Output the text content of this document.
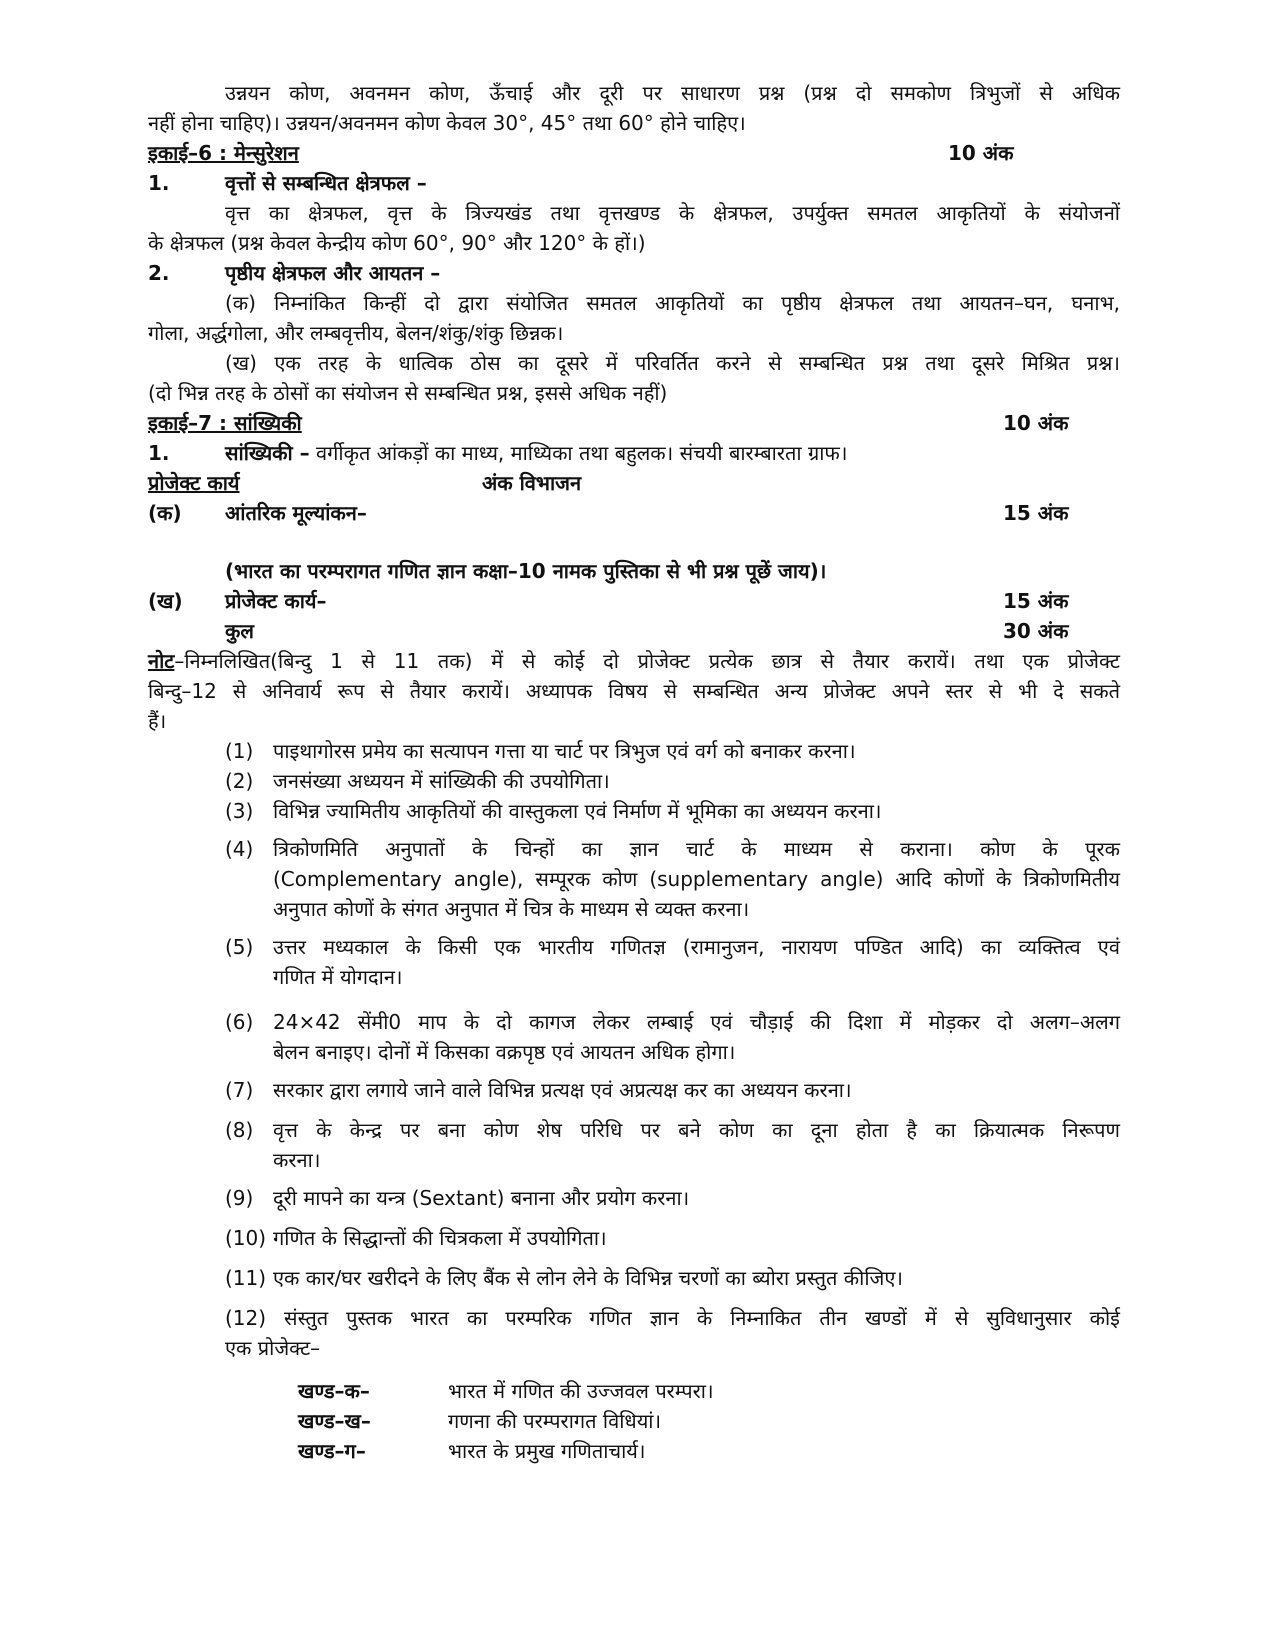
उन्नयन कोण, अवनमन कोण, ऊँचाई और दूरी पर साधारण प्रश्न (प्रश्न दो समकोण त्रिभुजों से अधिक
नहीं होना चाहिए)। उन्नयन/अवनमन कोण केवल 30°, 45° तथा 60° होने चाहिए।
इकाई–6 : मेन्सुरेशन	10 अंक
1.	वृत्तों से सम्बन्धित क्षेत्रफल –
वृत्त का क्षेत्रफल, वृत्त के त्रिज्यखंड तथा वृत्तखण्ड के क्षेत्रफल, उपर्युक्त समतल आकृतियों के संयोजनों
के क्षेत्रफल (प्रश्न केवल केन्द्रीय कोण 60°, 90° और 120° के हों।)
2.	पृष्ठीय क्षेत्रफल और आयतन –
(क) निम्नांकित किन्हीं दो द्वारा संयोजित समतल आकृतियों का पृष्ठीय क्षेत्रफल तथा आयतन–घन, घनाभ,
गोला, अर्द्धगोला, और लम्बवृत्तीय, बेलन/शंकु/शंकु छिन्नक।
(ख) एक तरह के धात्विक ठोस का दूसरे में परिवर्तित करने से सम्बन्धित प्रश्न तथा दूसरे मिश्रित प्रश्न।
(दो भिन्न तरह के ठोसों का संयोजन से सम्बन्धित प्रश्न, इससे अधिक नहीं)
इकाई–7 : सांख्यिकी	10 अंक
1.	सांख्यिकी – वर्गीकृत आंकड़ों का माध्य, माध्यिका तथा बहुलक। संचयी बारम्बारता ग्राफ।
प्रोजेक्ट कार्य	अंक विभाजन
(क)	आंतरिक मूल्यांकन–	15 अंक
(भारत का परम्परागत गणित ज्ञान कक्षा–10 नामक पुस्तिका से भी प्रश्न पूछें जाय)।
(ख)	प्रोजेक्ट कार्य–	15 अंक
कुल	30 अंक
नोट–निम्नलिखित(बिन्दु 1 से 11 तक) में से कोई दो प्रोजेक्ट प्रत्येक छात्र से तैयार करायें। तथा एक प्रोजेक्ट
बिन्दु–12 से अनिवार्य रूप से तैयार करायें। अध्यापक विषय से सम्बन्धित अन्य प्रोजेक्ट अपने स्तर से भी दे सकते
हैं।
(1) पाइथागोरस प्रमेय का सत्यापन गत्ता या चार्ट पर त्रिभुज एवं वर्ग को बनाकर करना।
(2) जनसंख्या अध्ययन में सांख्यिकी की उपयोगिता।
(3) विभिन्न ज्यामितीय आकृतियों की वास्तुकला एवं निर्माण में भूमिका का अध्ययन करना।
(4) त्रिकोणमिति अनुपातों के चिन्हों का ज्ञान चार्ट के माध्यम से कराना। कोण के पूरक
(Complementary angle), सम्पूरक कोण (supplementary angle) आदि कोणों के त्रिकोणमितीय
अनुपात कोणों के संगत अनुपात में चित्र के माध्यम से व्यक्त करना।
(5) उत्तर मध्यकाल के किसी एक भारतीय गणितज्ञ (रामानुजन, नारायण पण्डित आदि) का व्यक्तित्व एवं
गणित में योगदान।
(6) 24×42 सेंमी0 माप के दो कागज लेकर लम्बाई एवं चौड़ाई की दिशा में मोड़कर दो अलग–अलग
बेलन बनाइए। दोनों में किसका वक्रपृष्ठ एवं आयतन अधिक होगा।
(7) सरकार द्वारा लगाये जाने वाले विभिन्न प्रत्यक्ष एवं अप्रत्यक्ष कर का अध्ययन करना।
(8) वृत्त के केन्द्र पर बना कोण शेष परिधि पर बने कोण का दूना होता है का क्रियात्मक निरूपण
करना।
(9) दूरी मापने का यन्त्र (Sextant) बनाना और प्रयोग करना।
(10) गणित के सिद्धान्तों की चित्रकला में उपयोगिता।
(11) एक कार/घर खरीदने के लिए बैंक से लोन लेने के विभिन्न चरणों का ब्योरा प्रस्तुत कीजिए।
(12) संस्तुत पुस्तक भारत का परम्परिक गणित ज्ञान के निम्नाकित तीन खण्डों में से सुविधानुसार कोई
एक प्रोजेक्ट–
खण्ड–क–	भारत में गणित की उज्जवल परम्परा।
खण्ड–ख–	गणना की परम्परागत विधियां।
खण्ड–ग–	भारत के प्रमुख गणिताचार्य।
